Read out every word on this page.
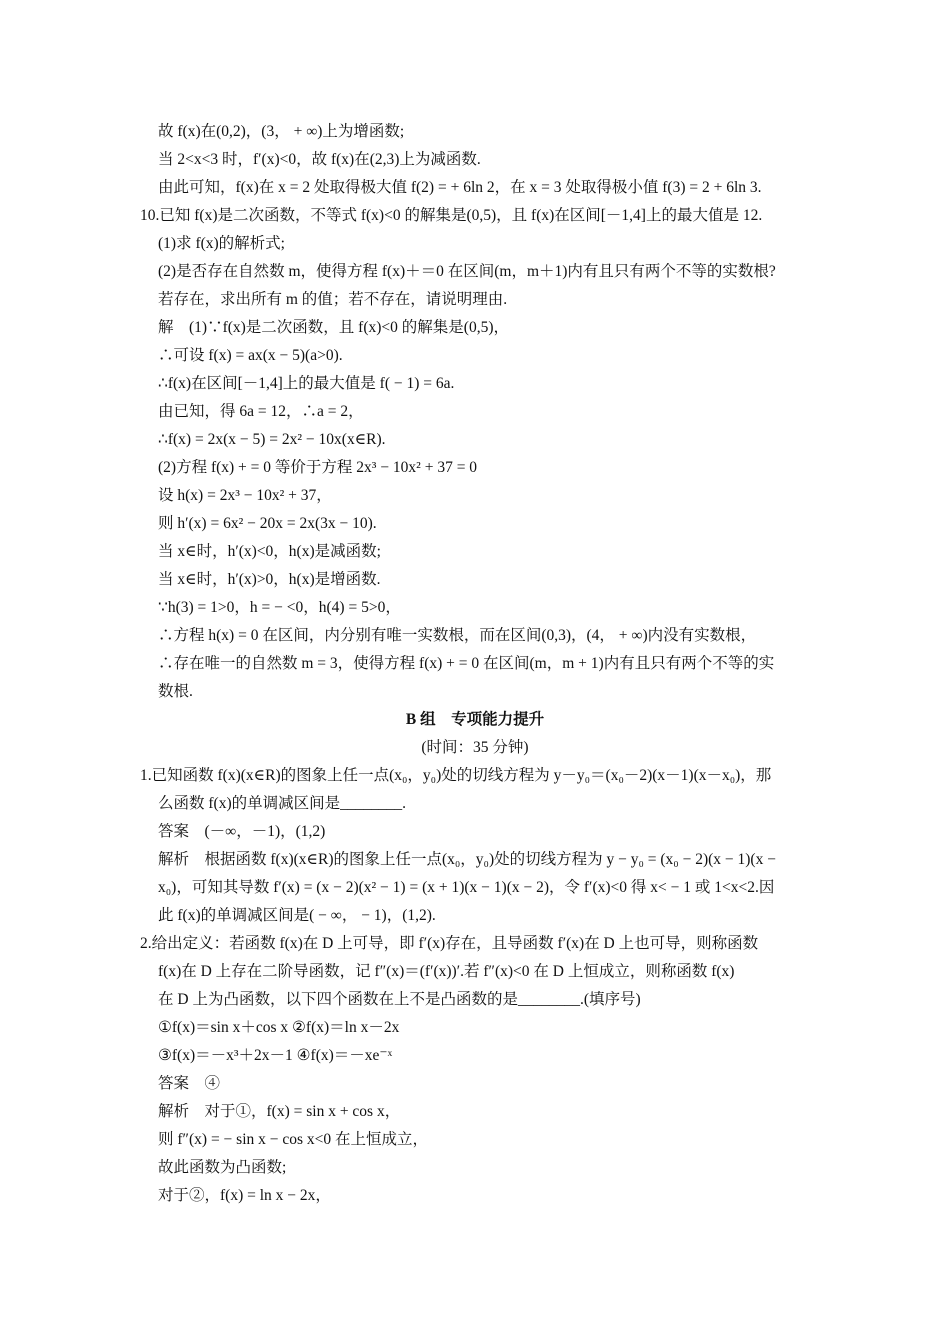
故 f(x)在(0,2)，(3， + ∞)上为增函数;
当 2<x<3 时，f′(x)<0，故 f(x)在(2,3)上为减函数.
由此可知，f(x)在 x = 2 处取得极大值 f(2) = + 6ln 2，在 x = 3 处取得极小值 f(3) = 2 + 6ln 3.
10.已知 f(x)是二次函数，不等式 f(x)<0 的解集是(0,5)，且 f(x)在区间[－1,4]上的最大值是 12.
(1)求 f(x)的解析式;
(2)是否存在自然数 m，使得方程 f(x)＋＝0 在区间(m，m＋1)内有且只有两个不等的实数根?
若存在，求出所有 m 的值；若不存在，请说明理由.
解　(1)∵f(x)是二次函数，且 f(x)<0 的解集是(0,5)，
∴可设 f(x) = ax(x − 5)(a>0).
∴f(x)在区间[－1,4]上的最大值是 f( − 1) = 6a.
由已知，得 6a = 12，∴a = 2，
∴f(x) = 2x(x − 5) = 2x² − 10x(x∈R).
(2)方程 f(x) + = 0 等价于方程 2x³ − 10x² + 37 = 0
设 h(x) = 2x³ − 10x² + 37，
则 h′(x) = 6x² − 20x = 2x(3x − 10).
当 x∈时，h′(x)<0，h(x)是减函数;
当 x∈时，h′(x)>0，h(x)是增函数.
∵h(3) = 1>0，h = − <0，h(4) = 5>0，
∴方程 h(x) = 0 在区间，内分别有唯一实数根，而在区间(0,3)，(4， + ∞)内没有实数根，
∴存在唯一的自然数 m = 3，使得方程 f(x) + = 0 在区间(m，m + 1)内有且只有两个不等的实
数根.
B 组　专项能力提升
(时间：35 分钟)
1.已知函数 f(x)(x∈R)的图象上任一点(x₀，y₀)处的切线方程为 y－y₀＝(x₀－2)(x－1)(x－x₀)，那
么函数 f(x)的单调减区间是________.
答案　(－∞，－1)，(1,2)
解析　根据函数 f(x)(x∈R)的图象上任一点(x₀，y₀)处的切线方程为 y − y₀ = (x₀ − 2)(x − 1)(x −
x₀)，可知其导数 f′(x) = (x − 2)(x² − 1) = (x + 1)(x − 1)(x − 2)，令 f′(x)<0 得 x< − 1 或 1<x<2.因
此 f(x)的单调减区间是( − ∞， − 1)，(1,2).
2.给出定义：若函数 f(x)在 D 上可导，即 f′(x)存在，且导函数 f′(x)在 D 上也可导，则称函数
f(x)在 D 上存在二阶导函数，记 f″(x)＝(f′(x))′.若 f″(x)<0 在 D 上恒成立，则称函数 f(x)
在 D 上为凸函数，以下四个函数在上不是凸函数的是________.(填序号)
①f(x)＝sin x＋cos x ②f(x)＝ln x－2x
③f(x)＝－x³＋2x－1 ④f(x)＝－xe⁻ˣ
答案　④
解析　对于①，f(x) = sin x + cos x，
则 f″(x) = − sin x − cos x<0 在上恒成立，
故此函数为凸函数;
对于②，f(x) = ln x − 2x，
